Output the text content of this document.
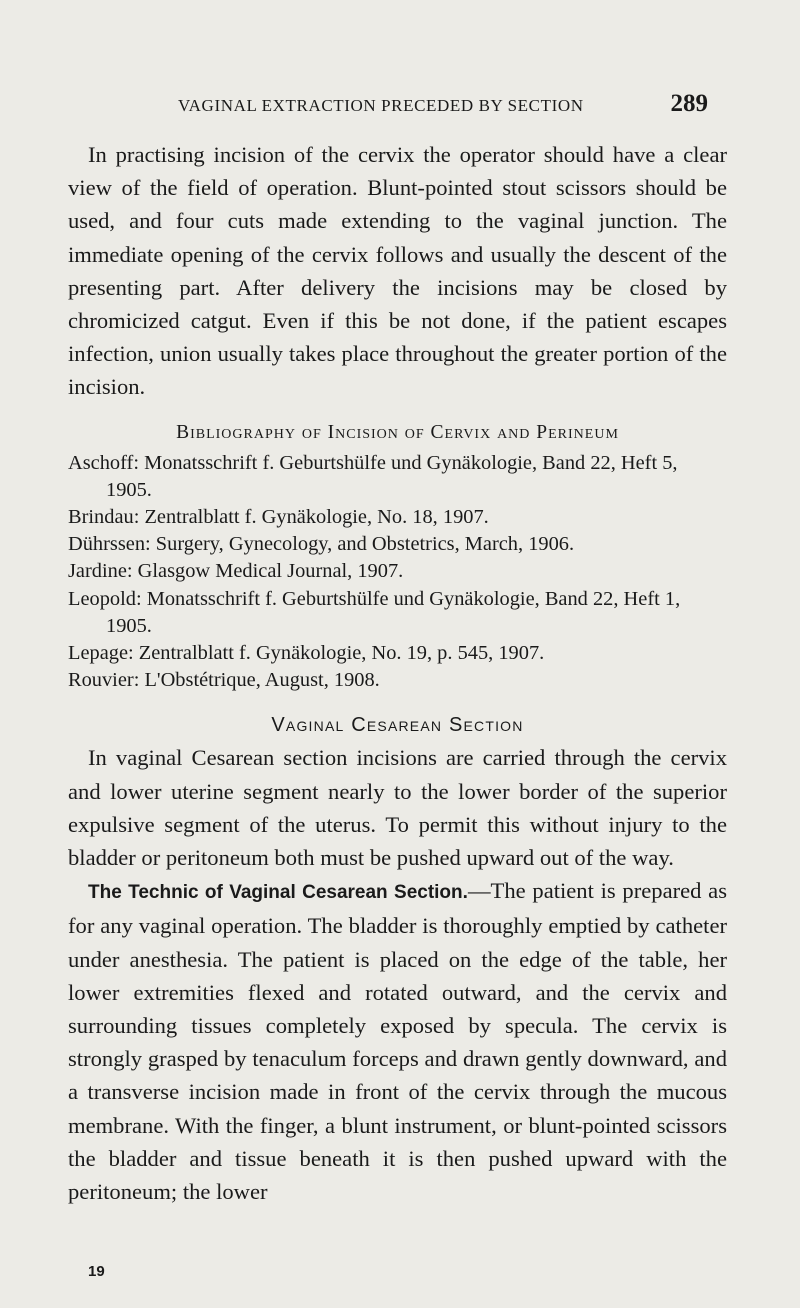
VAGINAL EXTRACTION PRECEDED BY SECTION	289

In practising incision of the cervix the operator should have a clear view of the field of operation. Blunt-pointed stout scissors should be used, and four cuts made extending to the vaginal junction. The immediate opening of the cervix follows and usually the descent of the presenting part. After delivery the incisions may be closed by chromicized catgut. Even if this be not done, if the patient escapes infection, union usually takes place throughout the greater portion of the incision.

Bibliography of Incision of Cervix and Perineum
Aschoff: Monatsschrift f. Geburtshülfe und Gynäkologie, Band 22, Heft 5, 1905.
Brindau: Zentralblatt f. Gynäkologie, No. 18, 1907.
Dührssen: Surgery, Gynecology, and Obstetrics, March, 1906.
Jardine: Glasgow Medical Journal, 1907.
Leopold: Monatsschrift f. Geburtshülfe und Gynäkologie, Band 22, Heft 1, 1905.
Lepage: Zentralblatt f. Gynäkologie, No. 19, p. 545, 1907.
Rouvier: L'Obstétrique, August, 1908.
Vaginal Cesarean Section

In vaginal Cesarean section incisions are carried through the cervix and lower uterine segment nearly to the lower border of the superior expulsive segment of the uterus. To permit this without injury to the bladder or peritoneum both must be pushed upward out of the way.

The Technic of Vaginal Cesarean Section.—The patient is prepared as for any vaginal operation. The bladder is thoroughly emptied by catheter under anesthesia. The patient is placed on the edge of the table, her lower extremities flexed and rotated outward, and the cervix and surrounding tissues completely exposed by specula. The cervix is strongly grasped by tenaculum forceps and drawn gently downward, and a transverse incision made in front of the cervix through the mucous membrane. With the finger, a blunt instrument, or blunt-pointed scissors the bladder and tissue beneath it is then pushed upward with the peritoneum; the lower

19
